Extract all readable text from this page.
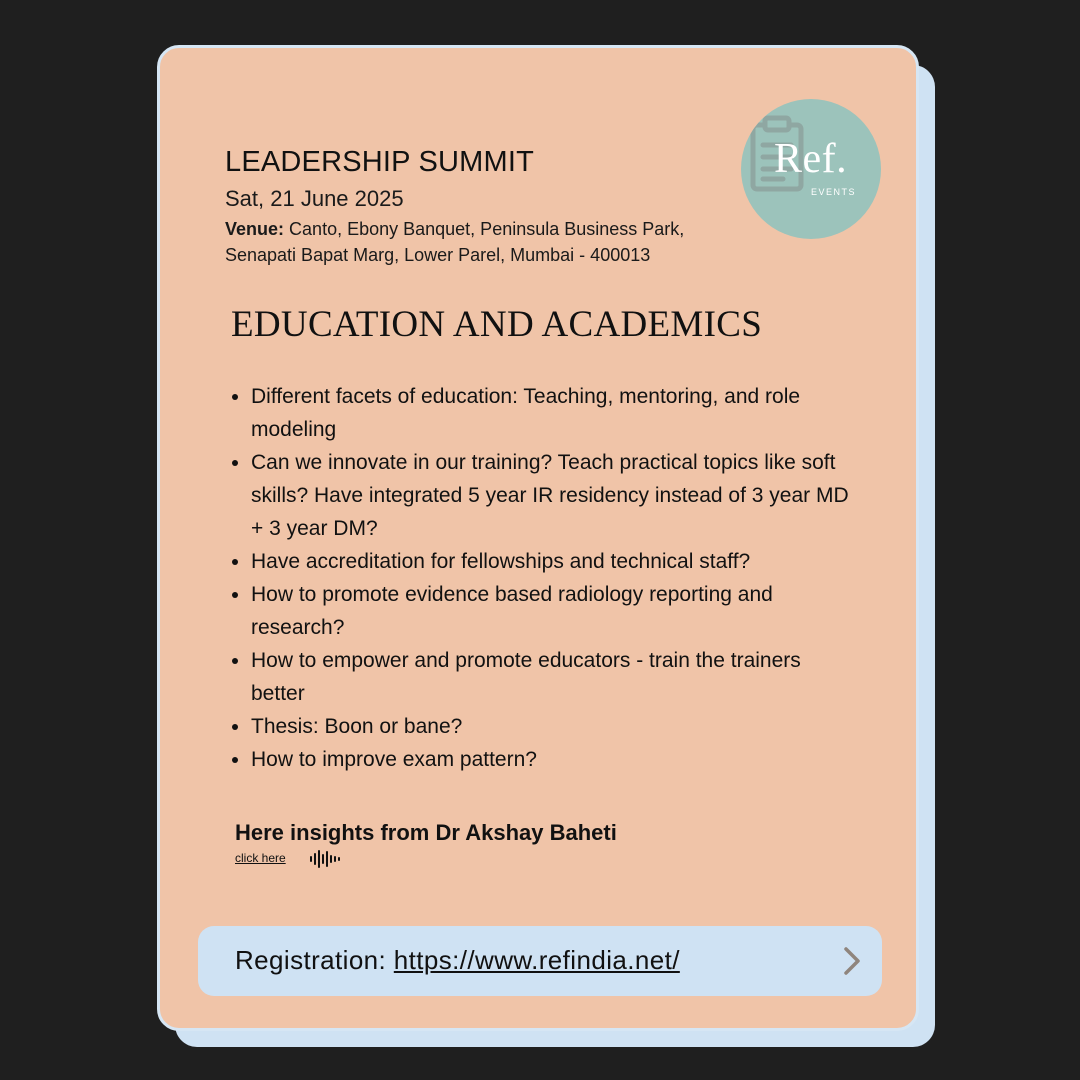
Ref.
EVENTS
LEADERSHIP SUMMIT
Sat, 21 June 2025
Venue: Canto, Ebony Banquet, Peninsula Business Park,
Senapati Bapat Marg, Lower Parel, Mumbai - 400013
EDUCATION AND ACADEMICS
Different facets of education: Teaching, mentoring, and role modeling
Can we innovate in our training? Teach practical topics like soft skills? Have integrated 5 year IR residency instead of 3 year MD + 3 year DM?
Have accreditation for fellowships and technical staff?
How to promote evidence based radiology reporting and research?
How to empower and promote educators - train the trainers better
Thesis: Boon or bane?
How to improve exam pattern?
Here insights from Dr Akshay Baheti
click here
Registration: https://www.refindia.net/
